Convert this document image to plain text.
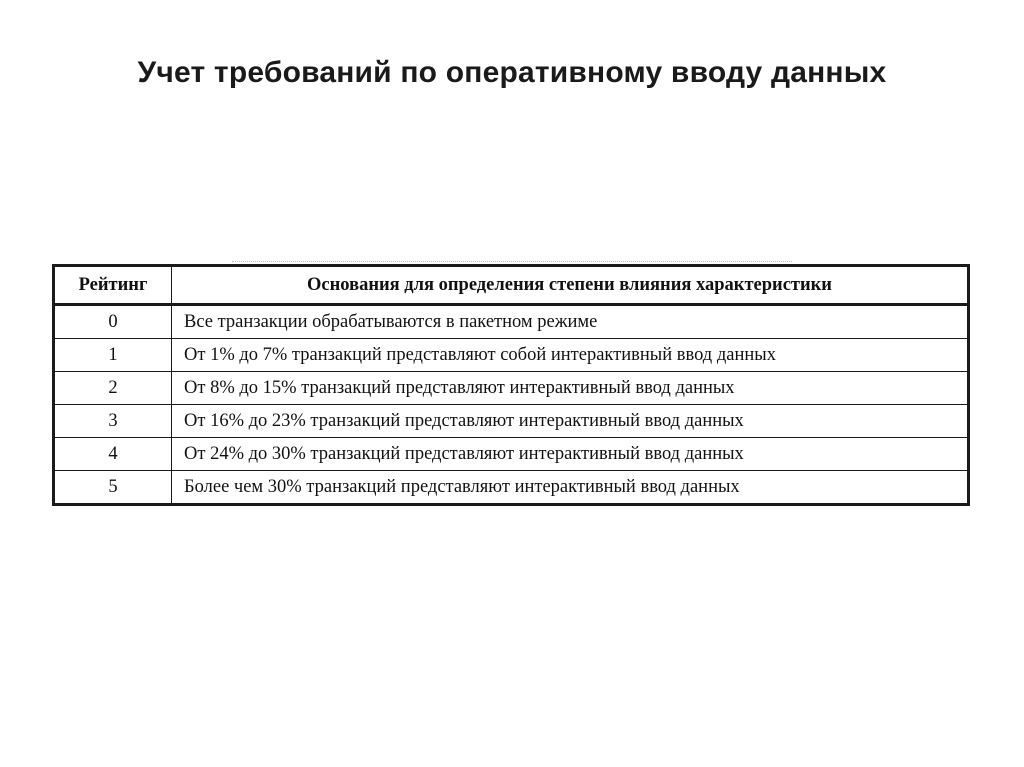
Учет требований по оперативному вводу данных
Рейтинг	Основания для определения степени влияния характеристики
0	Все транзакции обрабатываются в пакетном режиме
1	От 1% до 7% транзакций представляют собой интерактивный ввод данных
2	От 8% до 15% транзакций представляют интерактивный ввод данных
3	От 16% до 23% транзакций представляют интерактивный ввод данных
4	От 24% до 30% транзакций представляют интерактивный ввод данных
5	Более чем 30% транзакций представляют интерактивный ввод данных
